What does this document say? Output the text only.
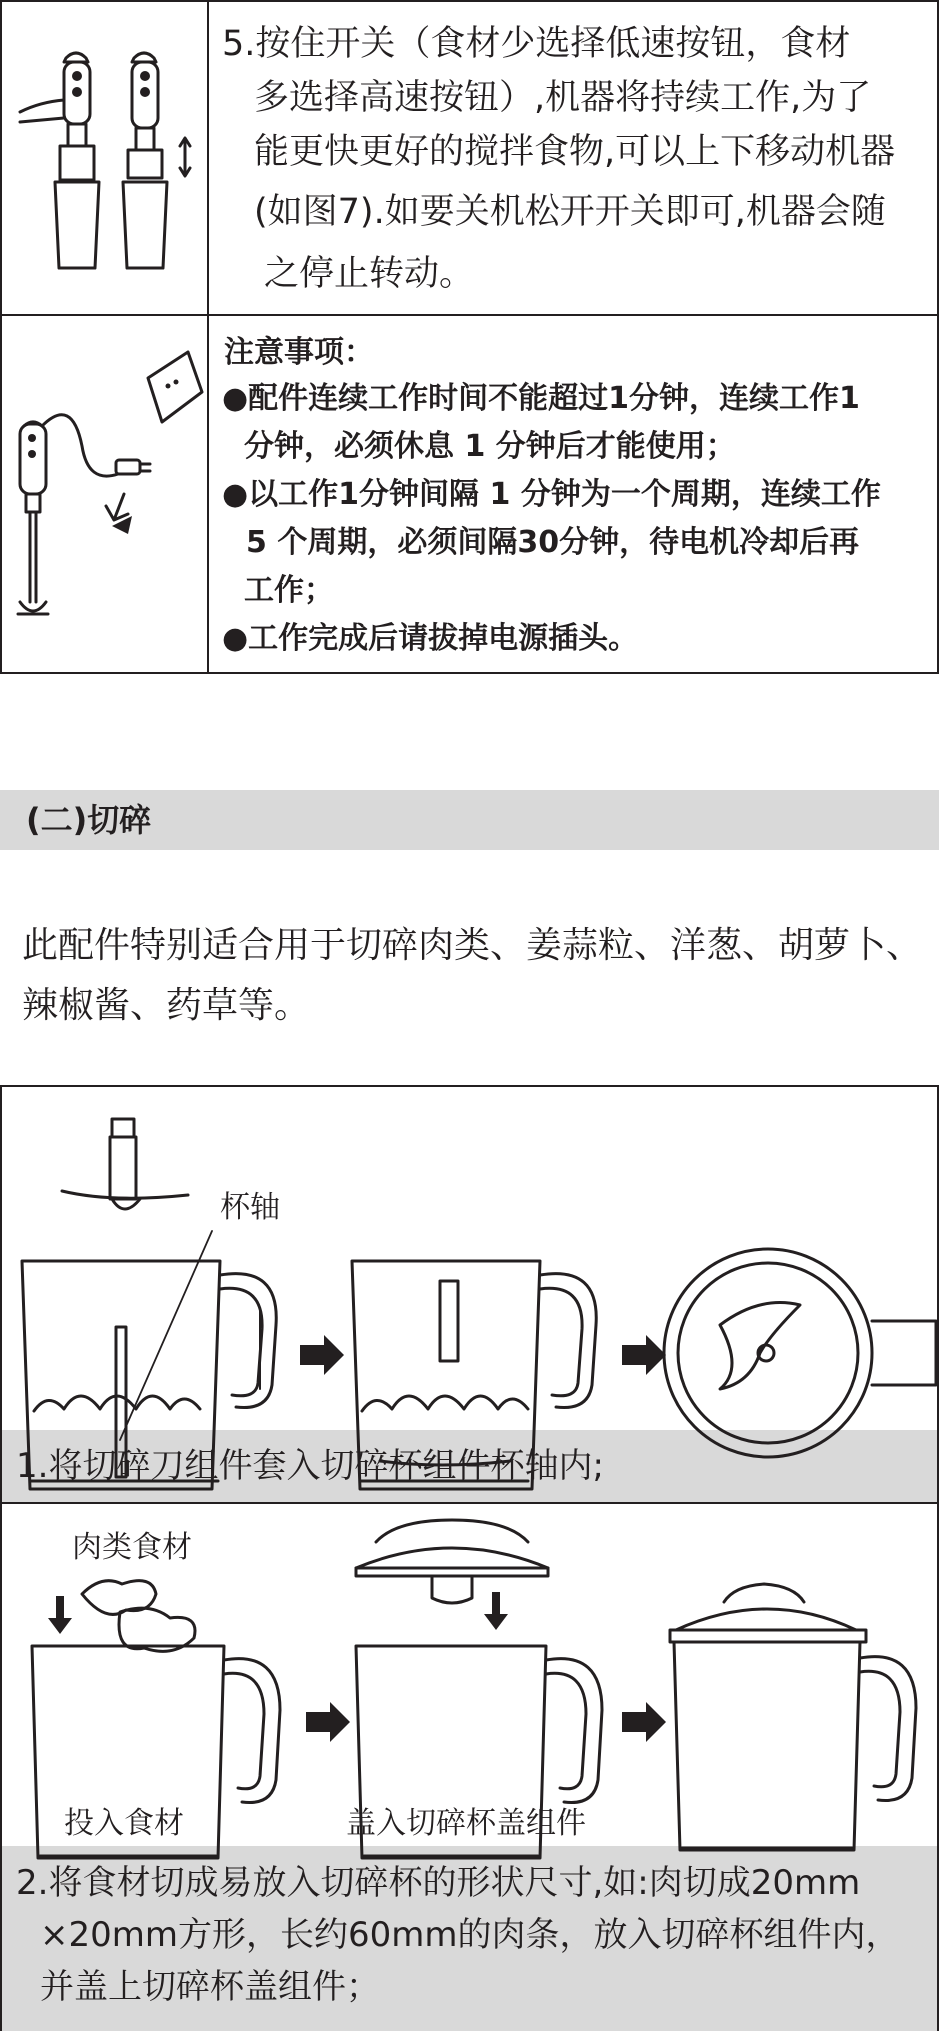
5.按住开关（食材少选择低速按钮，食材
多选择高速按钮）,机器将持续工作,为了
能更快更好的搅拌食物,可以上下移动机器
(如图7).如要关机松开开关即可,机器会随
之停止转动。
注意事项：
●配件连续工作时间不能超过1分钟，连续工作1
分钟，必须休息 1 分钟后才能使用；
●以工作1分钟间隔 1 分钟为一个周期，连续工作
5 个周期，必须间隔30分钟，待电机冷却后再
工作；
●工作完成后请拔掉电源插头。
(二)切碎
此配件特别适合用于切碎肉类、姜蒜粒、洋葱、胡萝卜、
辣椒酱、药草等。
杯轴
1.将切碎刀组件套入切碎杯组件杯轴内;
肉类食材
投入食材	盖入切碎杯盖组件
2.将食材切成易放入切碎杯的形状尺寸,如:肉切成20mm
×20mm方形，长约60mm的肉条，放入切碎杯组件内，
并盖上切碎杯盖组件；
